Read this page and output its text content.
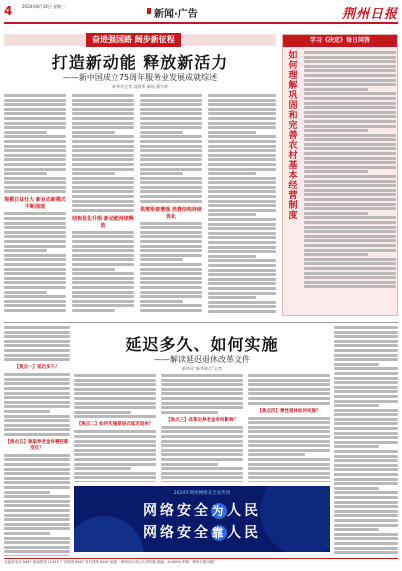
4 2024年8月14日 星期三
新闻·广告	荆州日报
奋进强国路 阔步新征程
打造新动能 释放新活力
——新中国成立75周年服务业发展成就综述
新华社记者 刘邦华 秦灿 潘为华
规模日益壮大 新业态新模式不断涌现
结构优化升级 新动能持续释放
供需衔接增强 消费结构持续优化
学习《决定》每日问答
如何理解巩固和完善农村基本经营制度
【焦点一】延迟多久？
【焦点五】领取养老金有哪些新变化？
延迟多久、如何实施
——解读延迟退休改革文件
新华社“新华视点”记者
【焦点二】如何实施渐进式延迟退休？
【焦点三】改革后养老金有何影响？
【焦点四】弹性退休如何实施？
2024年荆州网络安全宣传周
网络安全为人民
网络安全靠人民
总编室电话 8467 新闻热线 12345 广告热线 8467 发行热线 8467 地址：荆州市沙市区江津东路 邮编：434000 印刷：荆州日报印刷厂
